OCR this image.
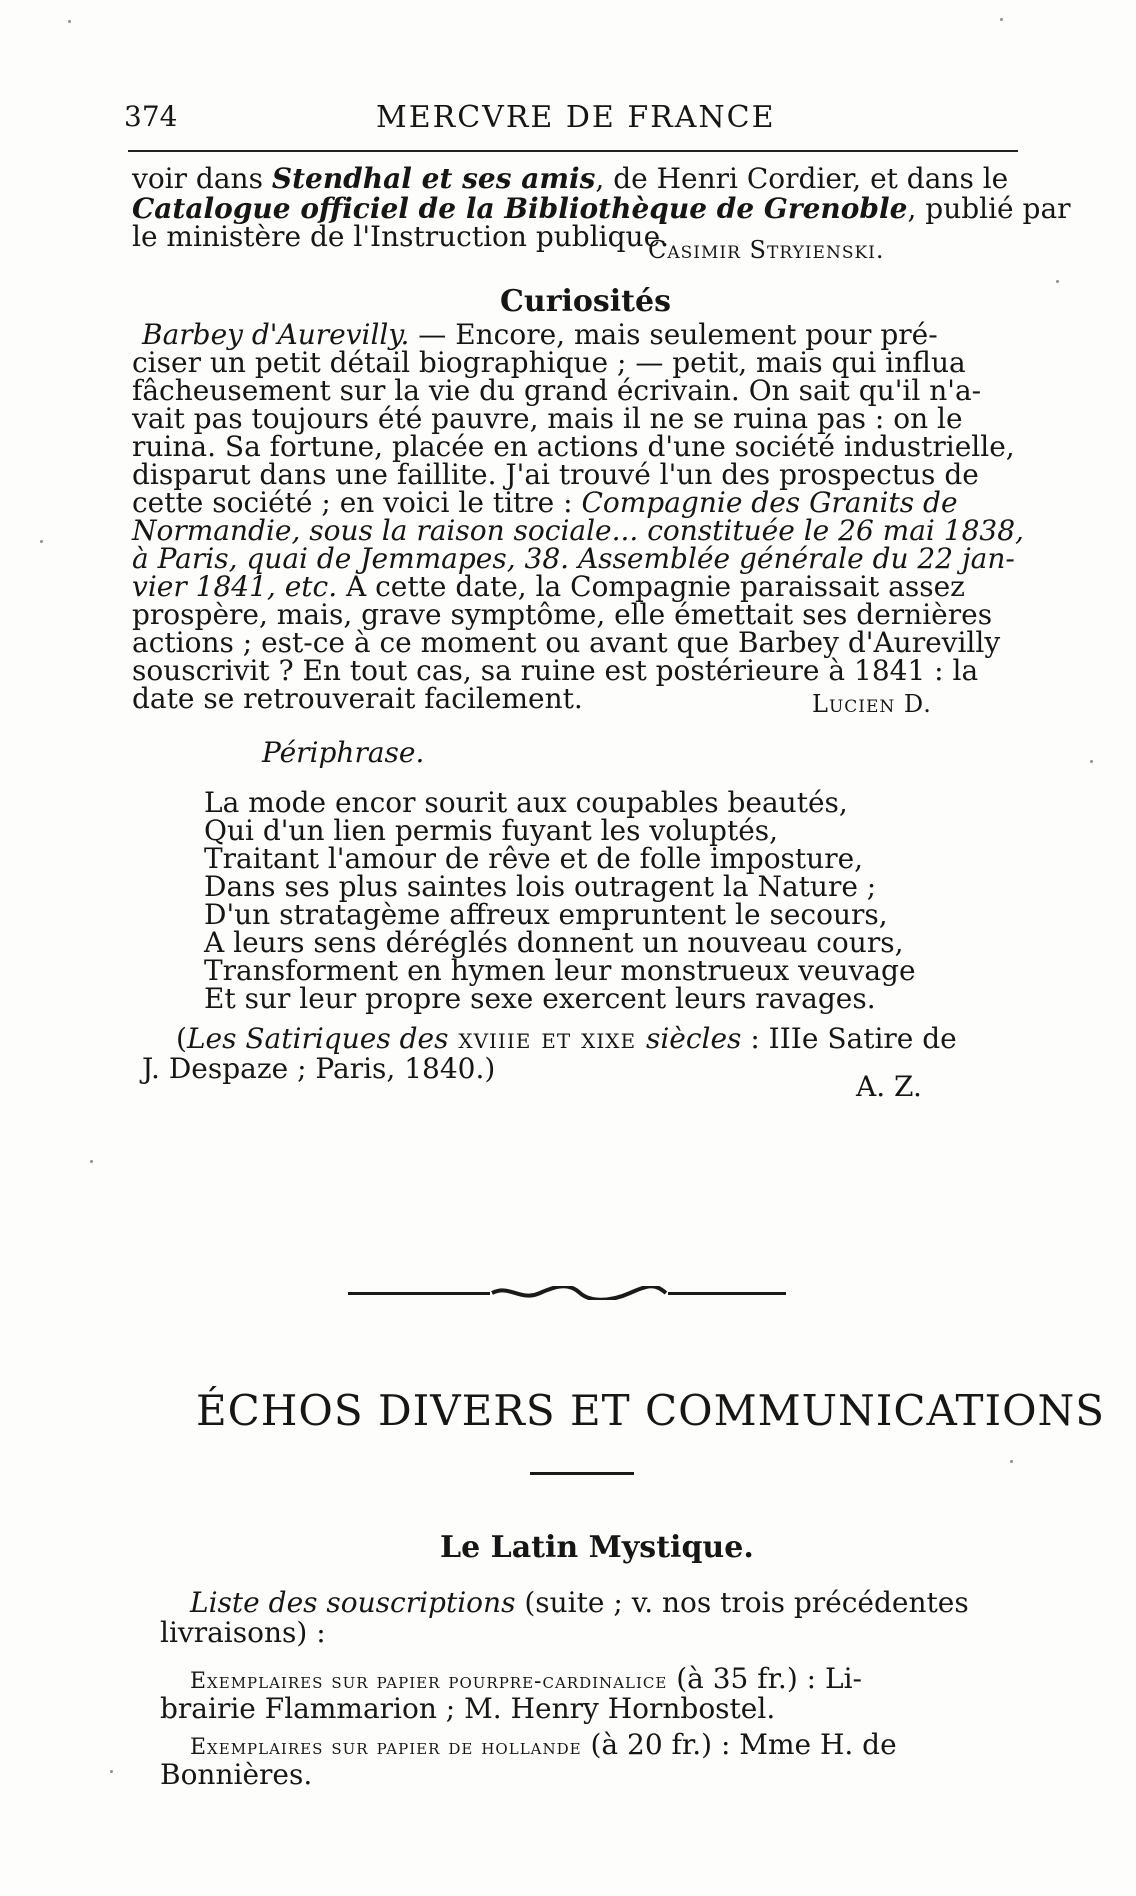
374	MERCVRE DE FRANCE
voir dans Stendhal et ses amis, de Henri Cordier, et dans le
Catalogue officiel de la Bibliothèque de Grenoble, publié par
le ministère de l'Instruction publique.
Casimir Stryienski.
Curiosités
Barbey d'Aurevilly. — Encore, mais seulement pour pré-
ciser un petit détail biographique ; — petit, mais qui influa
fâcheusement sur la vie du grand écrivain. On sait qu'il n'a-
vait pas toujours été pauvre, mais il ne se ruina pas : on le
ruina. Sa fortune, placée en actions d'une société industrielle,
disparut dans une faillite. J'ai trouvé l'un des prospectus de
cette société ; en voici le titre : Compagnie des Granits de
Normandie, sous la raison sociale... constituée le 26 mai 1838,
à Paris, quai de Jemmapes, 38. Assemblée générale du 22 jan-
vier 1841, etc. A cette date, la Compagnie paraissait assez
prospère, mais, grave symptôme, elle émettait ses dernières
actions ; est-ce à ce moment ou avant que Barbey d'Aurevilly
souscrivit ? En tout cas, sa ruine est postérieure à 1841 : la
date se retrouverait facilement.	Lucien D.
Périphrase.
La mode encor sourit aux coupables beautés,
Qui d'un lien permis fuyant les voluptés,
Traitant l'amour de rêve et de folle imposture,
Dans ses plus saintes lois outragent la Nature ;
D'un stratagème affreux empruntent le secours,
A leurs sens déréglés donnent un nouveau cours,
Transforment en hymen leur monstrueux veuvage
Et sur leur propre sexe exercent leurs ravages.
(Les Satiriques des xviiie et xixe siècles : IIIe Satire de
J. Despaze ; Paris, 1840.)
A. Z.
ÉCHOS DIVERS ET COMMUNICATIONS
Le Latin Mystique.
Liste des souscriptions (suite ; v. nos trois précédentes
livraisons) :
Exemplaires sur papier pourpre-cardinalice (à 35 fr.) : Li-
brairie Flammarion ; M. Henry Hornbostel.
Exemplaires sur papier de hollande (à 20 fr.) : Mme H. de
Bonnières.
